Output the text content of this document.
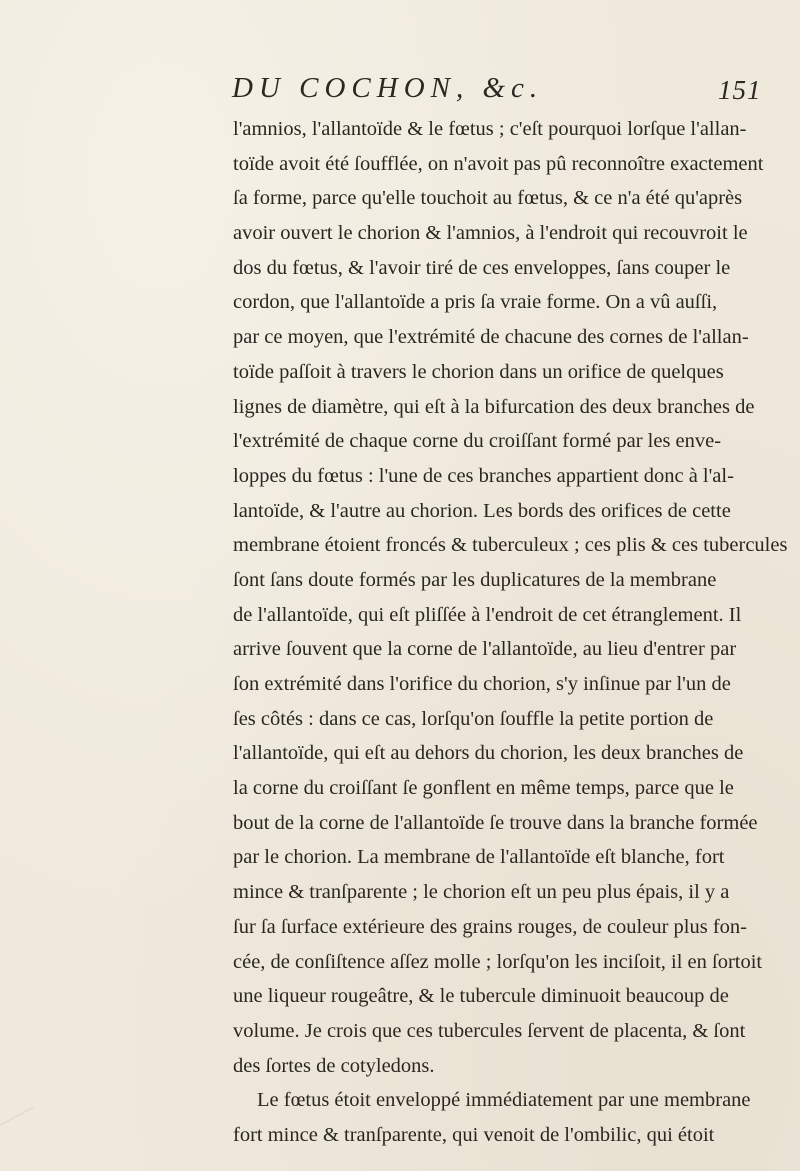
DU COCHON, &c.	151
l'amnios, l'allantoïde & le fœtus ; c'eſt pourquoi lorſque l'allan-
toïde avoit été ſoufflée, on n'avoit pas pû reconnoître exactement
ſa forme, parce qu'elle touchoit au fœtus, & ce n'a été qu'après
avoir ouvert le chorion & l'amnios, à l'endroit qui recouvroit le
dos du fœtus, & l'avoir tiré de ces enveloppes, ſans couper le
cordon, que l'allantoïde a pris ſa vraie forme. On a vû auſſi,
par ce moyen, que l'extrémité de chacune des cornes de l'allan-
toïde paſſoit à travers le chorion dans un orifice de quelques
lignes de diamètre, qui eſt à la bifurcation des deux branches de
l'extrémité de chaque corne du croiſſant formé par les enve-
loppes du fœtus : l'une de ces branches appartient donc à l'al-
lantoïde, & l'autre au chorion. Les bords des orifices de cette
membrane étoient froncés & tuberculeux ; ces plis & ces tubercules
ſont ſans doute formés par les duplicatures de la membrane
de l'allantoïde, qui eſt pliſſée à l'endroit de cet étranglement. Il
arrive ſouvent que la corne de l'allantoïde, au lieu d'entrer par
ſon extrémité dans l'orifice du chorion, s'y inſinue par l'un de
ſes côtés : dans ce cas, lorſqu'on ſouffle la petite portion de
l'allantoïde, qui eſt au dehors du chorion, les deux branches de
la corne du croiſſant ſe gonflent en même temps, parce que le
bout de la corne de l'allantoïde ſe trouve dans la branche formée
par le chorion. La membrane de l'allantoïde eſt blanche, fort
mince & tranſparente ; le chorion eſt un peu plus épais, il y a
ſur ſa ſurface extérieure des grains rouges, de couleur plus fon-
cée, de conſiſtence aſſez molle ; lorſqu'on les inciſoit, il en ſortoit
une liqueur rougeâtre, & le tubercule diminuoit beaucoup de
volume. Je crois que ces tubercules ſervent de placenta, & ſont
des ſortes de cotyledons.
Le fœtus étoit enveloppé immédiatement par une membrane
fort mince & tranſparente, qui venoit de l'ombilic, qui étoit
